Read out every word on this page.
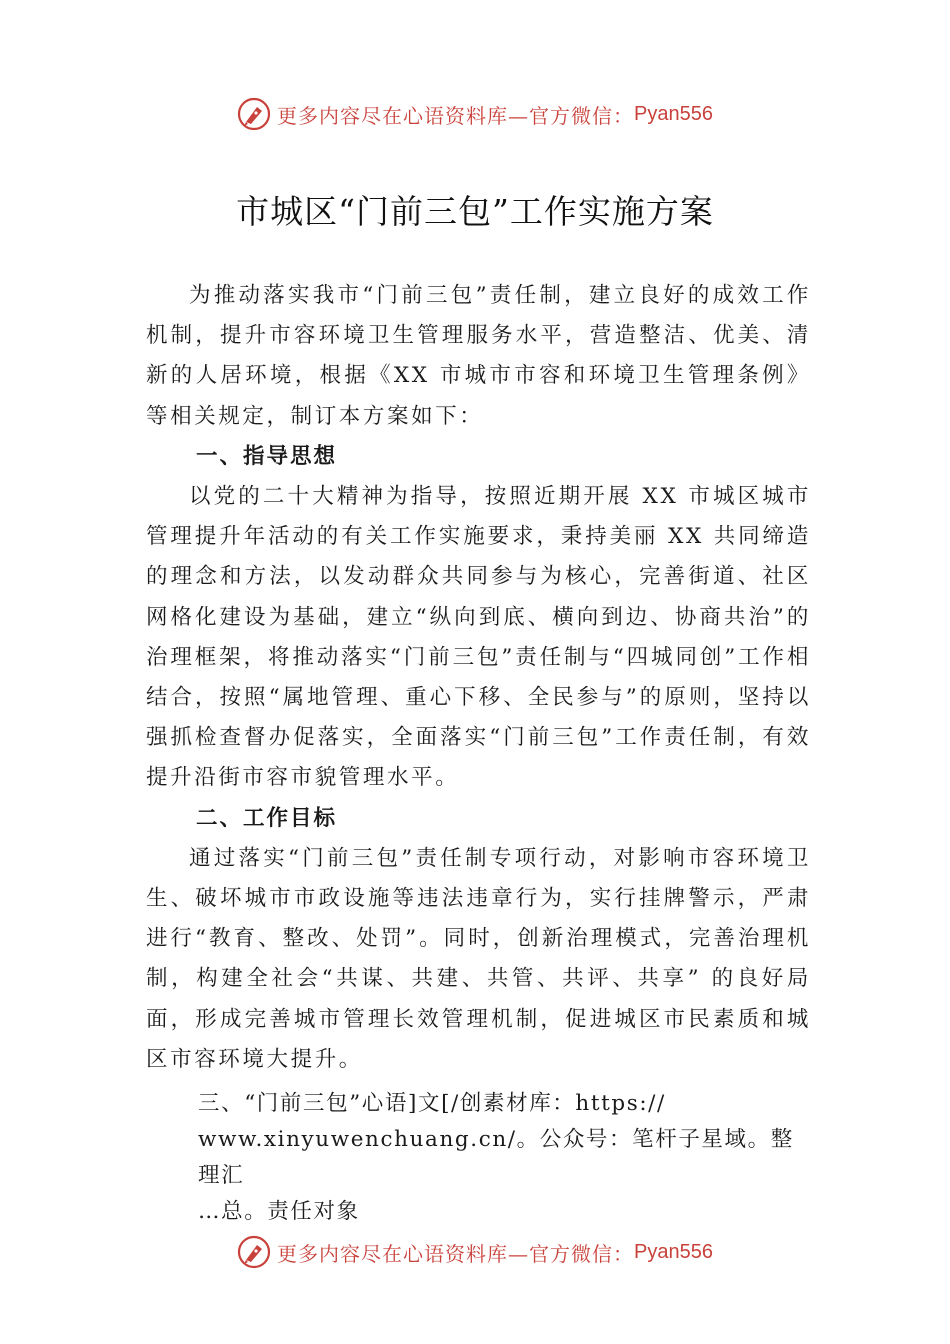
更多内容尽在心语资料库—官方微信： Pyan556
市城区“门前三包”工作实施方案

为推动落实我市“门前三包”责任制，建立良好的成效工作机制，提升市容环境卫生管理服务水平，营造整洁、优美、清新的人居环境，根据《XX 市城市市容和环境卫生管理条例》等相关规定，制订本方案如下：

一、指导思想

以党的二十大精神为指导，按照近期开展 XX 市城区城市管理提升年活动的有关工作实施要求，秉持美丽 XX 共同缔造的理念和方法，以发动群众共同参与为核心，完善街道、社区网格化建设为基础，建立“纵向到底、横向到边、协商共治”的治理框架，将推动落实“门前三包”责任制与“四城同创”工作相结合，按照“属地管理、重心下移、全民参与”的原则，坚持以强抓检查督办促落实，全面落实“门前三包”工作责任制，有效提升沿街市容市貌管理水平。

二、工作目标

通过落实“门前三包”责任制专项行动，对影响市容环境卫生、破坏城市市政设施等违法违章行为，实行挂牌警示，严肃进行“教育、整改、处罚”。同时，创新治理模式，完善治理机制，构建全社会“共谋、共建、共管、共评、共享” 的良好局面，形成完善城市管理长效管理机制，促进城区市民素质和城区市容环境大提升。

三、“门前三包”心语]文[/创素材库：https://
www.xinyuwenchuang.cn/。公众号：笔杆子星域。整理汇
…总。责任对象
更多内容尽在心语资料库—官方微信： Pyan556
